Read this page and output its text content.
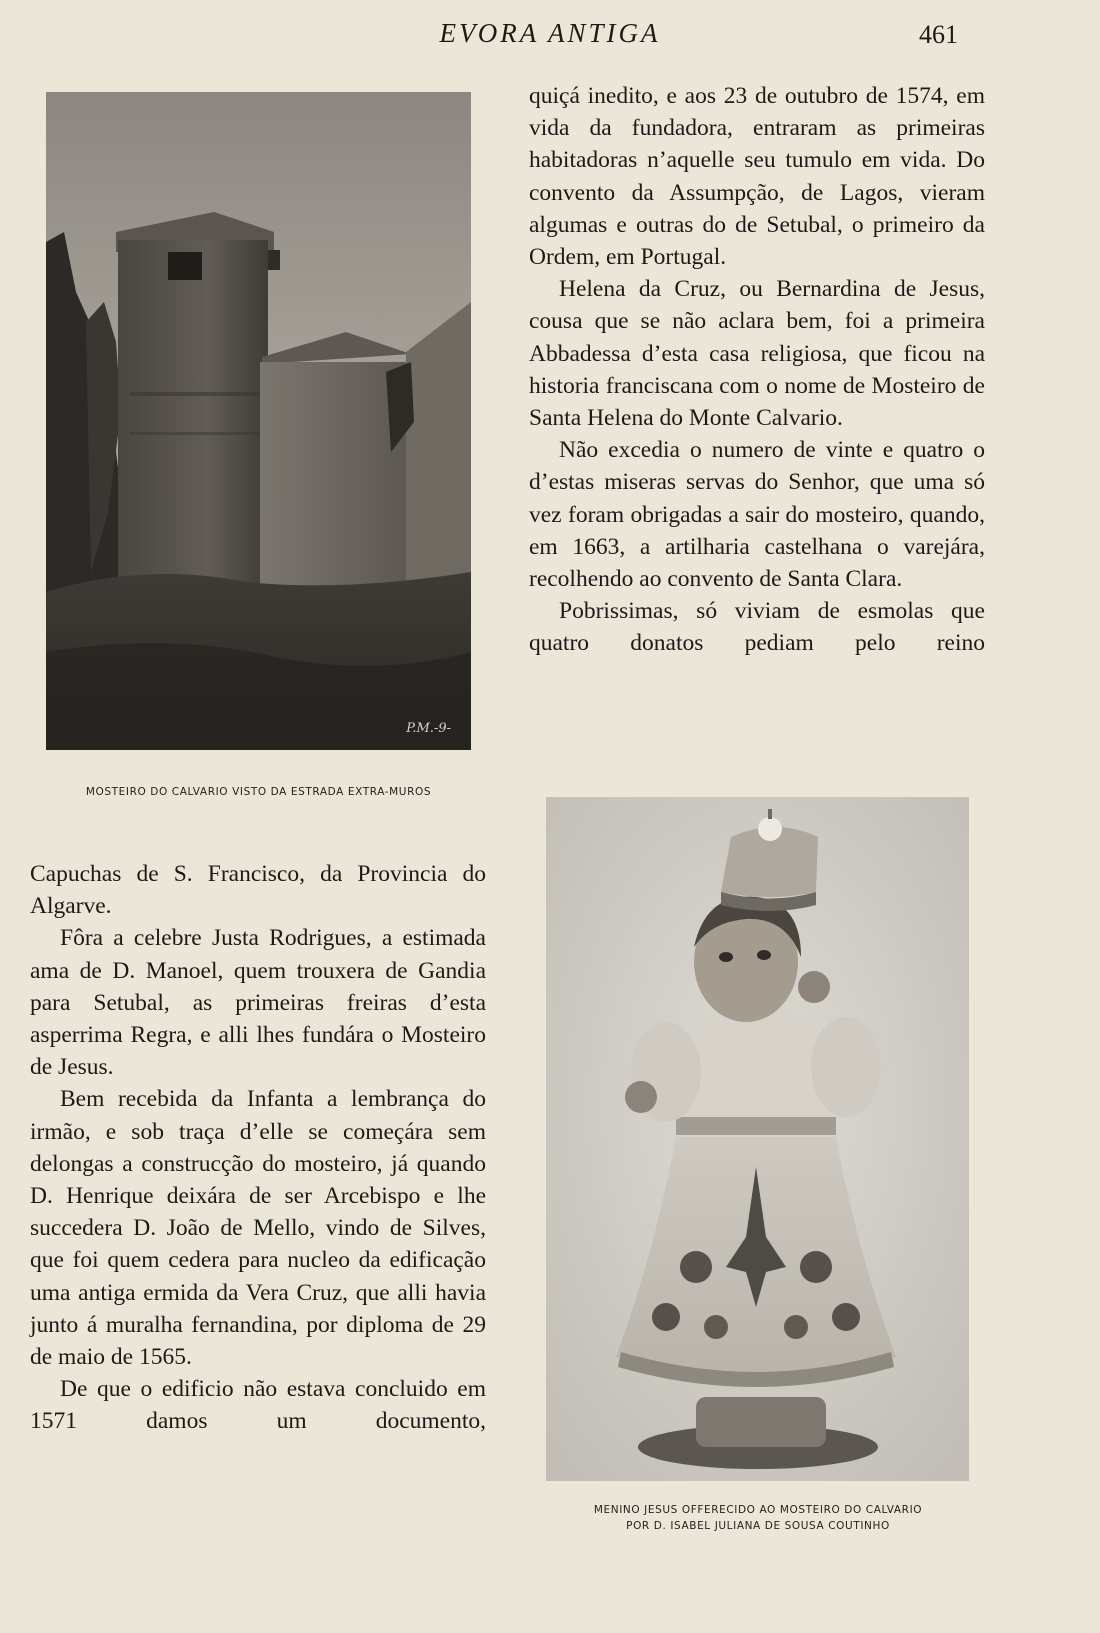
EVORA ANTIGA	461
P.M.-9-
MOSTEIRO DO CALVARIO VISTO DA ESTRADA EXTRA-MUROS

quiçá inedito, e aos 23 de outubro de 1574, em vida da fundadora, entraram as primeiras habitadoras n’aquelle seu tumulo em vida. Do convento da Assumpção, de Lagos, vieram algumas e outras do de Setubal, o primeiro da Ordem, em Portugal.

Helena da Cruz, ou Bernardina de Jesus, cousa que se não aclara bem, foi a primeira Abbadessa d’esta casa religiosa, que ficou na historia franciscana com o nome de Mosteiro de Santa Helena do Monte Calvario.

Não excedia o numero de vinte e quatro o d’estas miseras servas do Senhor, que uma só vez foram obrigadas a sair do mosteiro, quando, em 1663, a artilharia castelhana o varejára, recolhendo ao convento de Santa Clara.

Pobrissimas, só viviam de esmolas que quatro donatos pediam pelo reino

MENINO JESUS OFFERECIDO AO MOSTEIRO DO CALVARIO
POR D. ISABEL JULIANA DE SOUSA COUTINHO

Capuchas de S. Francisco, da Provincia do Algarve.

Fôra a celebre Justa Rodrigues, a estimada ama de D. Manoel, quem trouxera de Gandia para Setubal, as primeiras freiras d’esta asperrima Regra, e alli lhes fundára o Mosteiro de Jesus.

Bem recebida da Infanta a lembrança do irmão, e sob traça d’elle se começára sem delongas a construcção do mosteiro, já quando D. Henrique deixára de ser Arcebispo e lhe succedera D. João de Mello, vindo de Silves, que foi quem cedera para nucleo da edificação uma antiga ermida da Vera Cruz, que alli havia junto á muralha fernandina, por diploma de 29 de maio de 1565.

De que o edificio não estava concluido em 1571 damos um documento,
